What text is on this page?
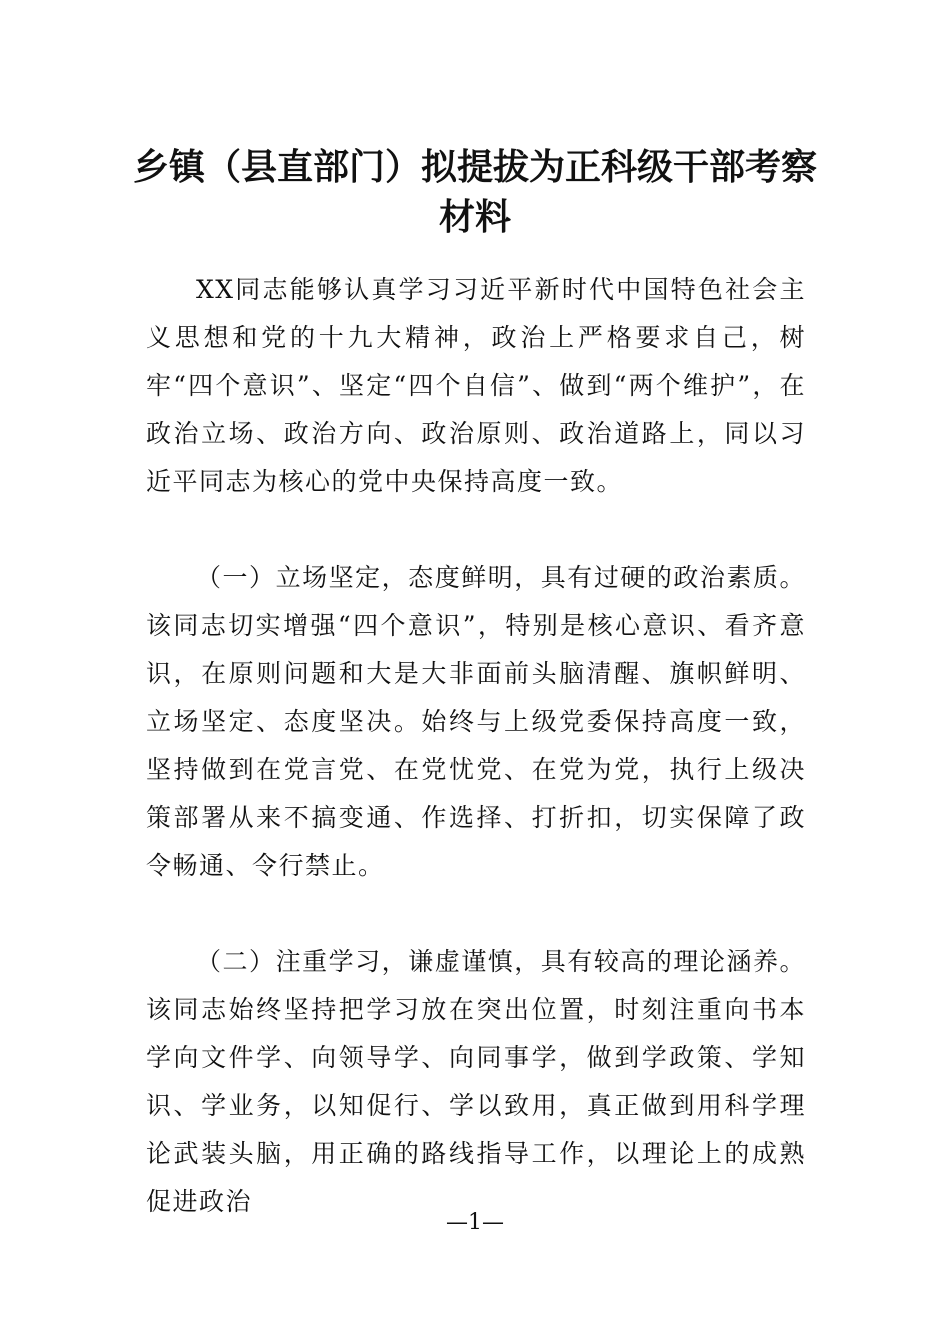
乡镇（县直部门）拟提拔为正科级干部考察材料

XX同志能够认真学习习近平新时代中国特色社会主义思想和党的十九大精神，政治上严格要求自己，树牢“四个意识”、坚定“四个自信”、做到“两个维护”，在政治立场、政治方向、政治原则、政治道路上，同以习近平同志为核心的党中央保持高度一致。

（一）立场坚定，态度鲜明，具有过硬的政治素质。该同志切实增强“四个意识”，特别是核心意识、看齐意识，在原则问题和大是大非面前头脑清醒、旗帜鲜明、立场坚定、态度坚决。始终与上级党委保持高度一致，坚持做到在党言党、在党忧党、在党为党，执行上级决策部署从来不搞变通、作选择、打折扣，切实保障了政令畅通、令行禁止。

（二）注重学习，谦虚谨慎，具有较高的理论涵养。该同志始终坚持把学习放在突出位置，时刻注重向书本学向文件学、向领导学、向同事学，做到学政策、学知识、学业务，以知促行、学以致用，真正做到用科学理论武装头脑，用正确的路线指导工作，以理论上的成熟促进政治

—1—
